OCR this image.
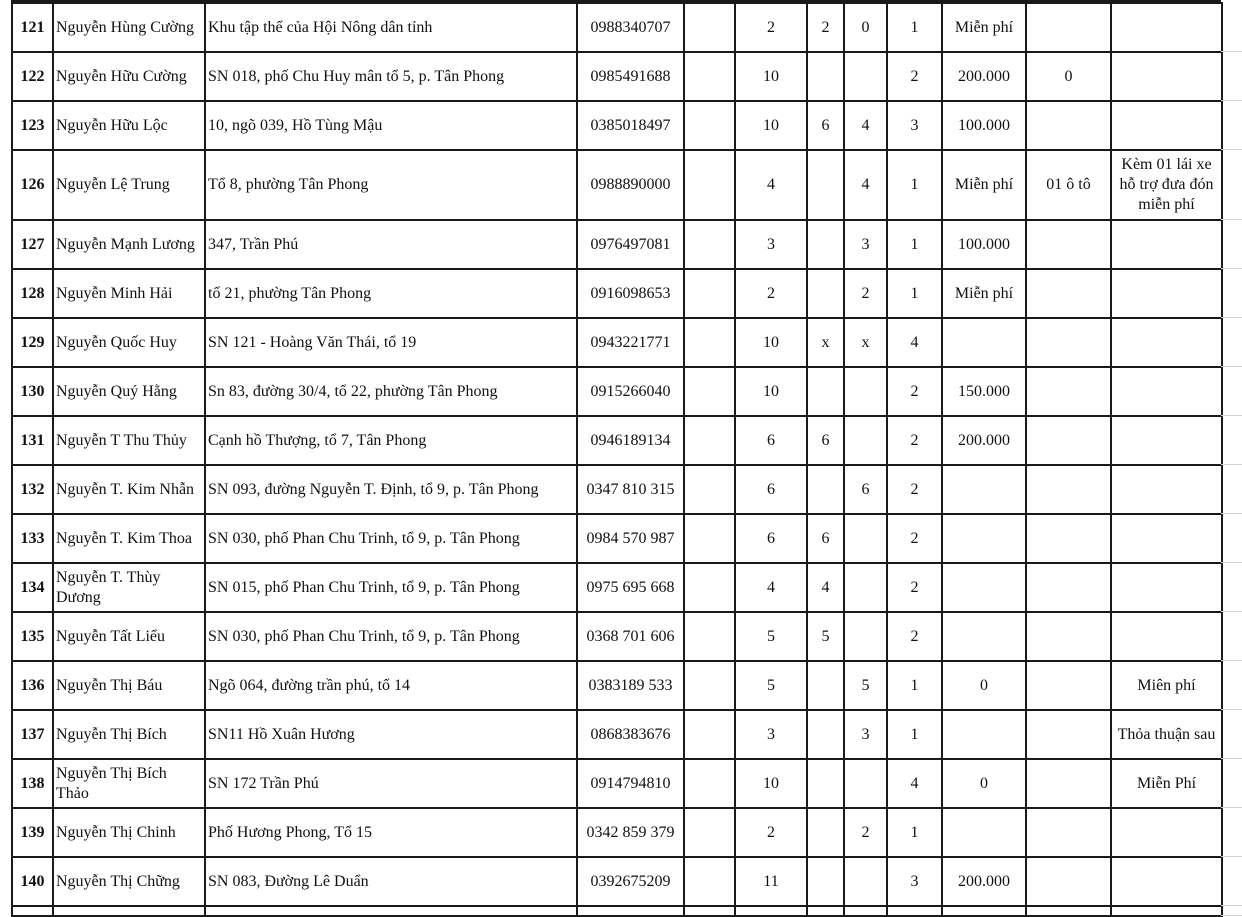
121	Nguyễn Hùng Cường	Khu tập thể của Hội Nông dân tỉnh	0988340707		2	2	0	1	Miễn phí		
122	Nguyễn Hữu Cường	SN 018, phố Chu Huy mân tổ 5, p. Tân Phong	0985491688		10			2	200.000	0	
123	Nguyễn Hữu Lộc	10, ngõ 039, Hồ Tùng Mậu	0385018497		10	6	4	3	100.000		
126	Nguyễn Lệ Trung	Tổ 8, phường Tân Phong	0988890000		4		4	1	Miễn phí	01 ô tô	Kèm 01 lái xe hỗ trợ đưa đón miễn phí
127	Nguyễn Mạnh Lương	347, Trần Phú	0976497081		3		3	1	100.000		
128	Nguyễn Minh Hải	tổ 21, phường Tân Phong	0916098653		2		2	1	Miễn phí		
129	Nguyễn Quốc Huy	SN 121 - Hoàng Văn Thái, tổ 19	0943221771		10	x	x	4			
130	Nguyễn Quý Hằng	Sn 83, đường 30/4, tổ 22, phường Tân Phong	0915266040		10			2	150.000		
131	Nguyễn T Thu Thủy	Cạnh hồ Thượng, tổ 7, Tân Phong	0946189134		6	6		2	200.000		
132	Nguyễn T. Kim Nhẫn	SN 093, đường Nguyễn T. Định, tổ 9, p. Tân Phong	0347 810 315		6		6	2			
133	Nguyễn T. Kim Thoa	SN 030, phố Phan Chu Trinh, tổ 9, p. Tân Phong	0984 570 987		6	6		2			
134	Nguyễn T. Thùy Dương	SN 015, phố Phan Chu Trinh, tổ 9, p. Tân Phong	0975 695 668		4	4		2			
135	Nguyễn Tất Liểu	SN 030, phố Phan Chu Trinh, tổ 9, p. Tân Phong	0368 701 606		5	5		2			
136	Nguyễn Thị Báu	Ngõ 064, đường trần phú, tổ 14	0383189 533		5		5	1	0		Miên phí
137	Nguyễn Thị Bích	SN11 Hồ Xuân Hương	0868383676		3		3	1			Thỏa thuận sau
138	Nguyễn Thị Bích Thảo	SN 172 Trần Phú	0914794810		10			4	0		Miễn Phí
139	Nguyễn Thị Chinh	Phố Hương Phong, Tổ 15	0342 859 379		2		2	1			
140	Nguyễn Thị Chững	SN 083, Đường Lê Duẩn	0392675209		11			3	200.000		
